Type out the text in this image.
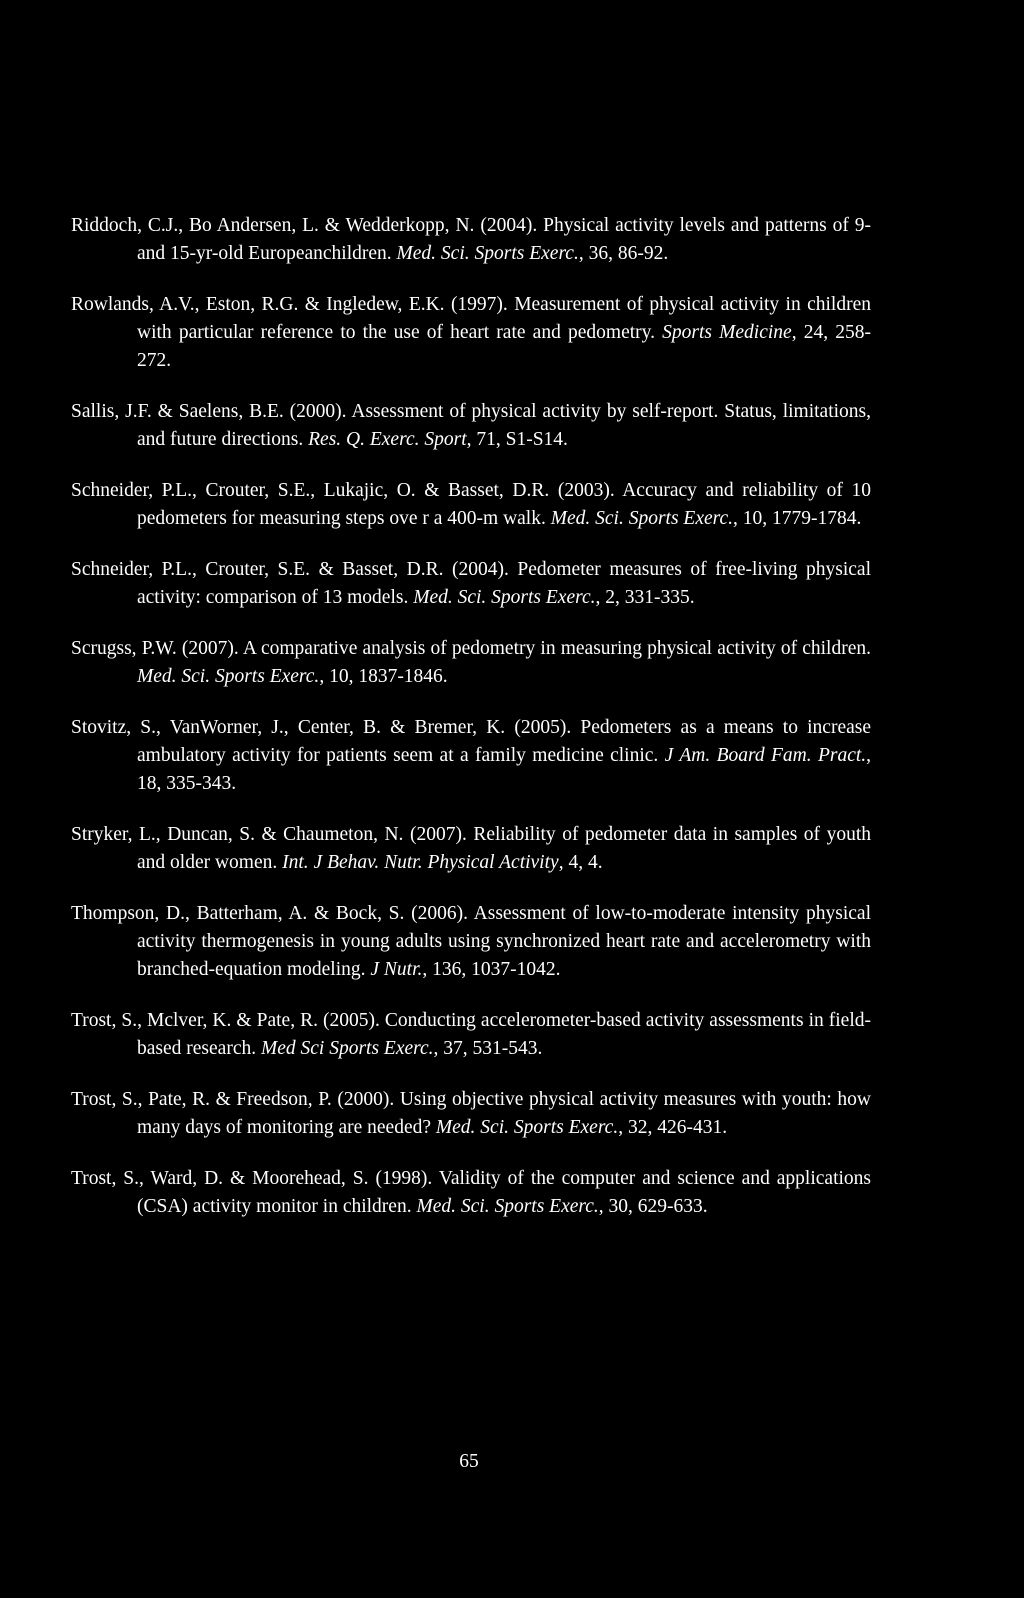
Riddoch, C.J., Bo Andersen, L. & Wedderkopp, N. (2004). Physical activity levels and patterns of 9- and 15-yr-old Europeanchildren. Med. Sci. Sports Exerc., 36, 86-92.

Rowlands, A.V., Eston, R.G. & Ingledew, E.K. (1997). Measurement of physical activity in children with particular reference to the use of heart rate and pedometry. Sports Medicine, 24, 258-272.

Sallis, J.F. & Saelens, B.E. (2000). Assessment of physical activity by self-report. Status, limitations, and future directions. Res. Q. Exerc. Sport, 71, S1-S14.

Schneider, P.L., Crouter, S.E., Lukajic, O. & Basset, D.R. (2003). Accuracy and reliability of 10 pedometers for measuring steps ove r a 400-m walk. Med. Sci. Sports Exerc., 10, 1779-1784.

Schneider, P.L., Crouter, S.E. & Basset, D.R. (2004). Pedometer measures of free-living physical activity: comparison of 13 models. Med. Sci. Sports Exerc., 2, 331-335.

Scrugss, P.W. (2007). A comparative analysis of pedometry in measuring physical activity of children. Med. Sci. Sports Exerc., 10, 1837-1846.

Stovitz, S., VanWorner, J., Center, B. & Bremer, K. (2005). Pedometers as a means to increase ambulatory activity for patients seem at a family medicine clinic. J Am. Board Fam. Pract., 18, 335-343.

Stryker, L., Duncan, S. & Chaumeton, N. (2007). Reliability of pedometer data in samples of youth and older women. Int. J Behav. Nutr. Physical Activity, 4, 4.

Thompson, D., Batterham, A. & Bock, S. (2006). Assessment of low-to-moderate intensity physical activity thermogenesis in young adults using synchronized heart rate and accelerometry with branched-equation modeling. J Nutr., 136, 1037-1042.

Trost, S., Mclver, K. & Pate, R. (2005). Conducting accelerometer-based activity assessments in field-based research. Med Sci Sports Exerc., 37, 531-543.

Trost, S., Pate, R. & Freedson, P. (2000). Using objective physical activity measures with youth: how many days of monitoring are needed? Med. Sci. Sports Exerc., 32, 426-431.

Trost, S., Ward, D. & Moorehead, S. (1998). Validity of the computer and science and applications (CSA) activity monitor in children. Med. Sci. Sports Exerc., 30, 629-633.

65
